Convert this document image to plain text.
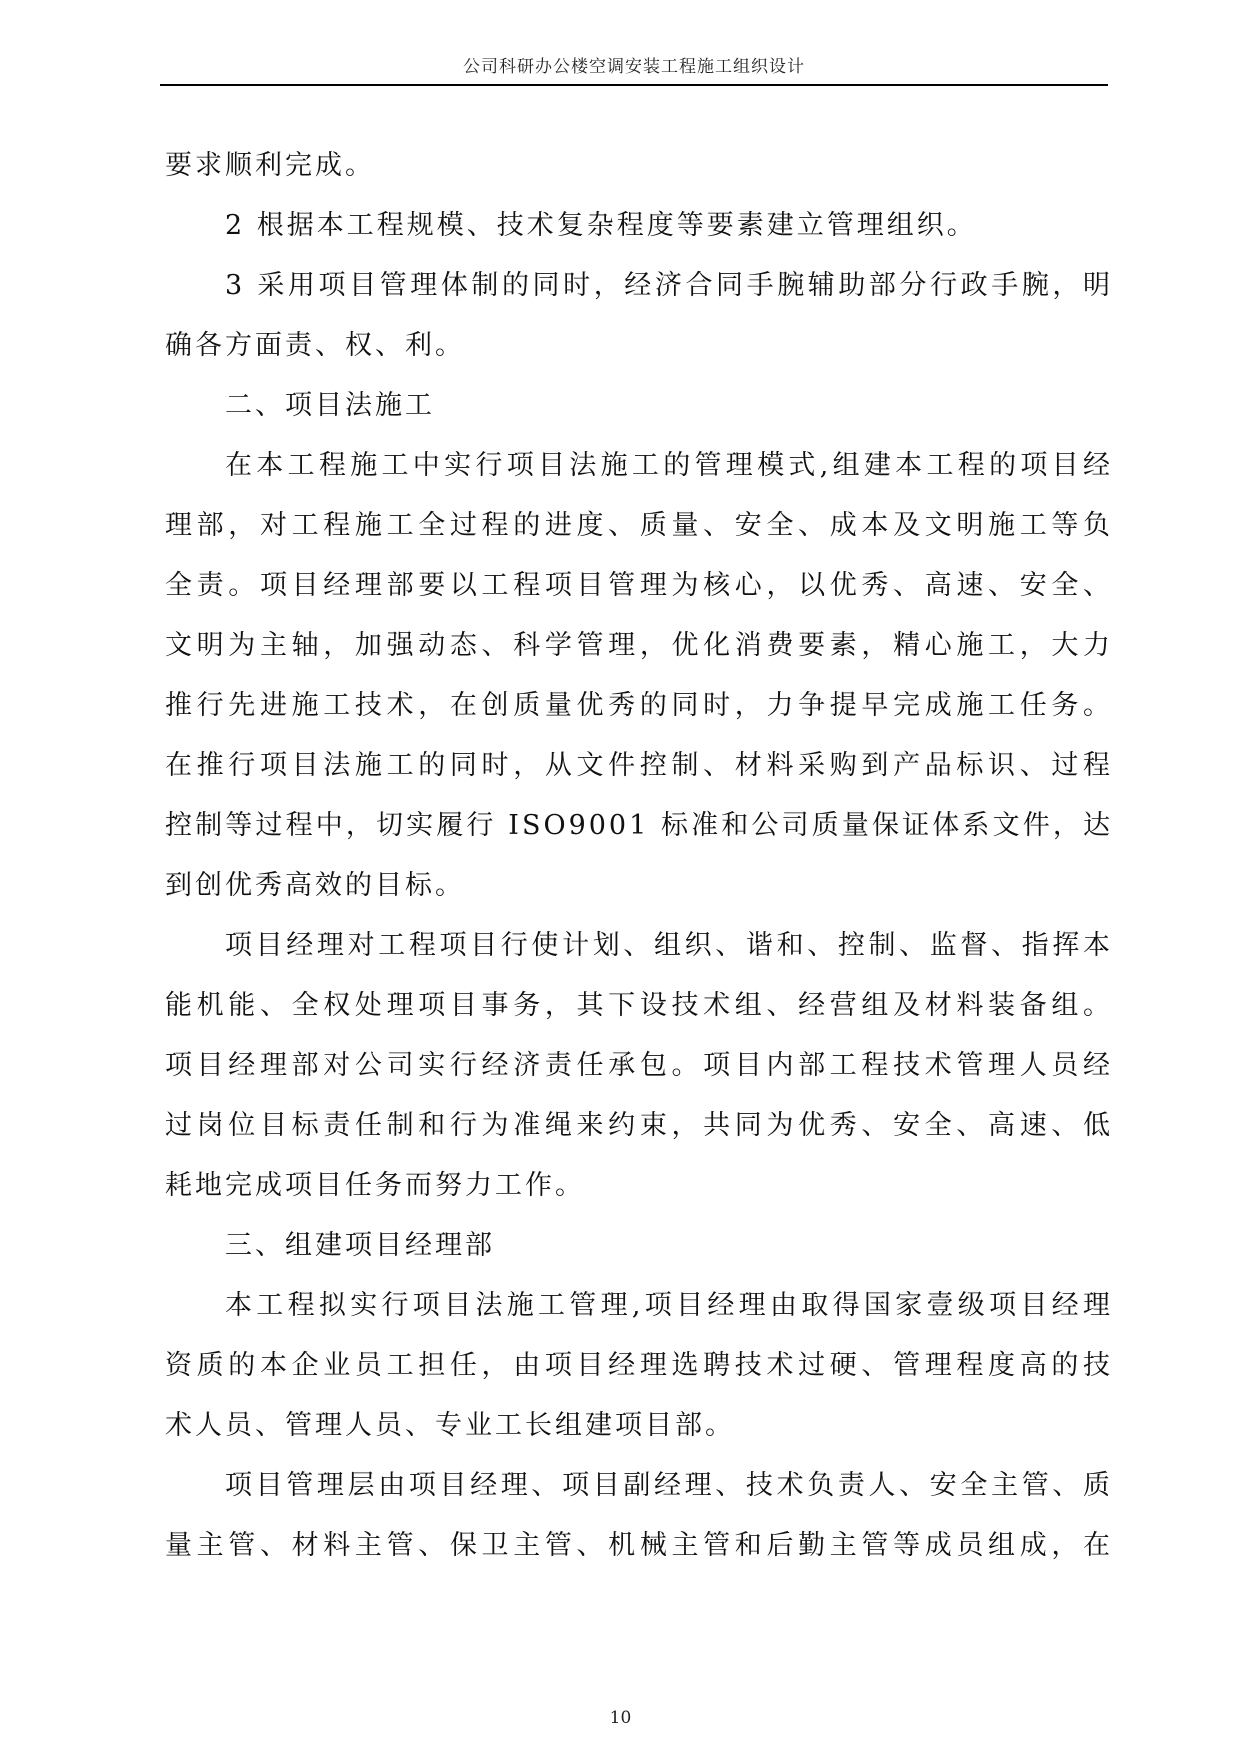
公司科研办公楼空调安装工程施工组织设计
要求顺利完成。
2 根据本工程规模、技术复杂程度等要素建立管理组织。
3 采用项目管理体制的同时，经济合同手腕辅助部分行政手腕，明
确各方面责、权、利。
二、项目法施工
在本工程施工中实行项目法施工的管理模式,组建本工程的项目经
理部，对工程施工全过程的进度、质量、安全、成本及文明施工等负
全责。项目经理部要以工程项目管理为核心，以优秀、高速、安全、
文明为主轴，加强动态、科学管理，优化消费要素，精心施工，大力
推行先进施工技术，在创质量优秀的同时，力争提早完成施工任务。
在推行项目法施工的同时，从文件控制、材料采购到产品标识、过程
控制等过程中，切实履行 ISO9001 标准和公司质量保证体系文件，达
到创优秀高效的目标。
项目经理对工程项目行使计划、组织、谐和、控制、监督、指挥本
能机能、全权处理项目事务，其下设技术组、经营组及材料装备组。
项目经理部对公司实行经济责任承包。项目内部工程技术管理人员经
过岗位目标责任制和行为准绳来约束，共同为优秀、安全、高速、低
耗地完成项目任务而努力工作。
三、组建项目经理部
本工程拟实行项目法施工管理,项目经理由取得国家壹级项目经理
资质的本企业员工担任，由项目经理选聘技术过硬、管理程度高的技
术人员、管理人员、专业工长组建项目部。
项目管理层由项目经理、项目副经理、技术负责人、安全主管、质
量主管、材料主管、保卫主管、机械主管和后勤主管等成员组成，在
10
